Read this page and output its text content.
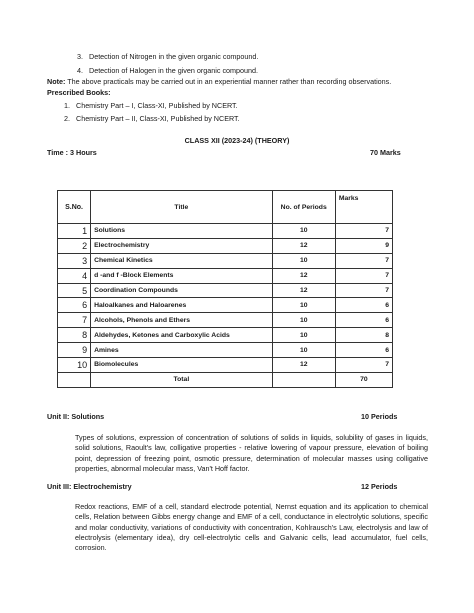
3. Detection of Nitrogen in the given organic compound.
4. Detection of Halogen in the given organic compound.
Note: The above practicals may be carried out in an experiential manner rather than recording observations.
Prescribed Books:
1. Chemistry Part – I, Class-XI, Published by NCERT.
2. Chemistry Part – II, Class-XI, Published by NCERT.
CLASS XII (2023-24) (THEORY)
Time : 3 Hours	70 Marks
S.No.	Title	No. of Periods	Marks
1	Solutions	10	7
2	Electrochemistry	12	9
3	Chemical Kinetics	10	7
4	d -and f -Block Elements	12	7
5	Coordination Compounds	12	7
6	Haloalkanes and Haloarenes	10	6
7	Alcohols, Phenols and Ethers	10	6
8	Aldehydes, Ketones and Carboxylic Acids	10	8
9	Amines	10	6
10	Biomolecules	12	7
	Total		70
Unit II: Solutions	10 Periods
Types of solutions, expression of concentration of solutions of solids in liquids, solubility of gases in liquids, solid solutions, Raoult's law, colligative properties - relative lowering of vapour pressure, elevation of boiling point, depression of freezing point, osmotic pressure, determination of molecular masses using colligative properties, abnormal molecular mass, Van't Hoff factor.
Unit III: Electrochemistry	12 Periods
Redox reactions, EMF of a cell, standard electrode potential, Nernst equation and its application to chemical cells, Relation between Gibbs energy change and EMF of a cell, conductance in electrolytic solutions, specific and molar conductivity, variations of conductivity with concentration, Kohlrausch's Law, electrolysis and law of electrolysis (elementary idea), dry cell-electrolytic cells and Galvanic cells, lead accumulator, fuel cells, corrosion.
